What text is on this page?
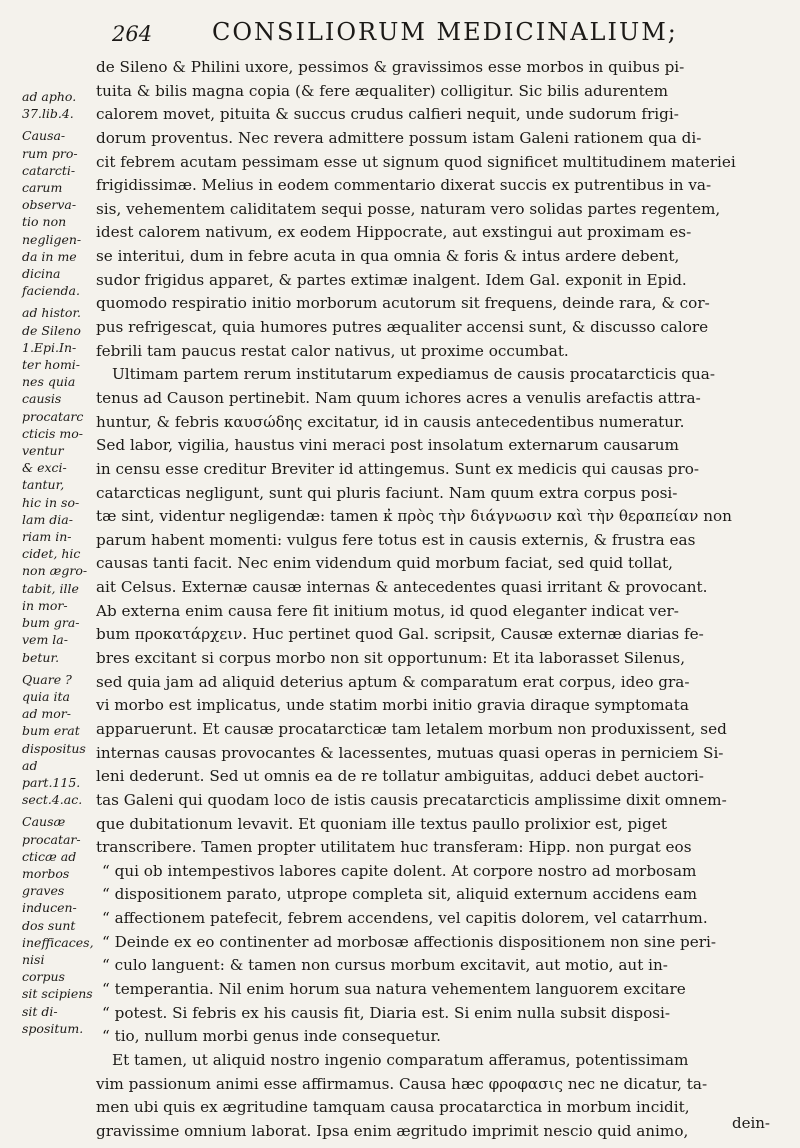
264 CONSILIORUM MEDICINALIUM;
ad apho.
37.lib.4.
Causa-
rum pro-
catarcti-
carum
observa-
tio non
negligen-
da in me
dicina
facienda.
ad histor.
de Sileno
1.Epi.In-
ter homi-
nes quia
causis
procatarc
cticis mo-
ventur
& exci-
tantur,
hic in so-
lam dia-
riam in-
cidet, hic
non ægro-
tabit, ille
in mor-
bum gra-
vem la-
betur.
Quare ?
quia ita
ad mor-
bum erat
dispositus
ad
part.115.
sect.4.ac.
Causæ
procatar-
cticæ ad
morbos
graves
inducen-
dos sunt
inefficaces,
nisi
corpus
sit scipiens
sit di-
spositum.
de Sileno & Philini uxore, pessimos & gravissimos esse morbos in quibus pi-
tuita & bilis magna copia (& fere æqualiter) colligitur. Sic bilis adurentem
calorem movet, pituita & succus crudus calfieri nequit, unde sudorum frigi-
dorum proventus. Nec revera admittere possum istam Galeni rationem qua di-
cit febrem acutam pessimam esse ut signum quod significet multitudinem materiei
frigidissimæ. Melius in eodem commentario dixerat succis ex putrentibus in va-
sis, vehementem caliditatem sequi posse, naturam vero solidas partes regentem,
idest calorem nativum, ex eodem Hippocrate, aut exstingui aut proximam es-
se interitui, dum in febre acuta in qua omnia & foris & intus ardere debent,
sudor frigidus apparet, & partes extimæ inalgent. Idem Gal. exponit in Epid.
quomodo respiratio initio morborum acutorum sit frequens, deinde rara, & cor-
pus refrigescat, quia humores putres æqualiter accensi sunt, & discusso calore
febrili tam paucus restat calor nativus, ut proxime occumbat.
Ultimam partem rerum institutarum expediamus de causis procatarcticis qua-
tenus ad Causon pertinebit. Nam quum ichores acres a venulis arefactis attra-
huntur, & febris καυσώδης excitatur, id in causis antecedentibus numeratur.
Sed labor, vigilia, haustus vini meraci post insolatum externarum causarum
in censu esse creditur Breviter id attingemus. Sunt ex medicis qui causas pro-
catarcticas negligunt, sunt qui pluris faciunt. Nam quum extra corpus posi-
tæ sint, videntur negligendæ: tamen κ̓ πρὸς τὴν διάγνωσιν καὶ τὴν θεραπείαν non
parum habent momenti: vulgus fere totus est in causis externis, & frustra eas
causas tanti facit. Nec enim videndum quid morbum faciat, sed quid tollat,
ait Celsus. Externæ causæ internas & antecedentes quasi irritant & provocant.
Ab externa enim causa fere fit initium motus, id quod eleganter indicat ver-
bum προκατάρχειν. Huc pertinet quod Gal. scripsit, Causæ externæ diarias fe-
bres excitant si corpus morbo non sit opportunum: Et ita laborasset Silenus,
sed quia jam ad aliquid deterius aptum & comparatum erat corpus, ideo gra-
vi morbo est implicatus, unde statim morbi initio gravia diraque symptomata
apparuerunt. Et causæ procatarcticæ tam letalem morbum non produxissent, sed
internas causas provocantes & lacessentes, mutuas quasi operas in perniciem Si-
leni dederunt. Sed ut omnis ea de re tollatur ambiguitas, adduci debet auctori-
tas Galeni qui quodam loco de istis causis precatarcticis amplissime dixit omnem-
que dubitationum levavit. Et quoniam ille textus paullo prolixior est, piget
transcribere. Tamen propter utilitatem huc transferam: Hipp. non purgat eos
“ qui ob intempestivos labores capite dolent. At corpore nostro ad morbosam
“ dispositionem parato, utprope completa sit, aliquid externum accidens eam
“ affectionem patefecit, febrem accendens, vel capitis dolorem, vel catarrhum.
“ Deinde ex eo continenter ad morbosæ affectionis dispositionem non sine peri-
“ culo languent: & tamen non cursus morbum excitavit, aut motio, aut in-
“ temperantia. Nil enim horum sua natura vehementem languorem excitare
“ potest. Si febris ex his causis fit, Diaria est. Si enim nulla subsit disposi-
“ tio, nullum morbi genus inde consequetur.
Et tamen, ut aliquid nostro ingenio comparatum afferamus, potentissimam
vim passionum animi esse affirmamus. Causa hæc φροφασις nec ne dicatur, ta-
men ubi quis ex ægritudine tamquam causa procatarctica in morbum incidit,
gravissime omnium laborat. Ipsa enim ægritudo imprimit nescio quid animo,	dein-
